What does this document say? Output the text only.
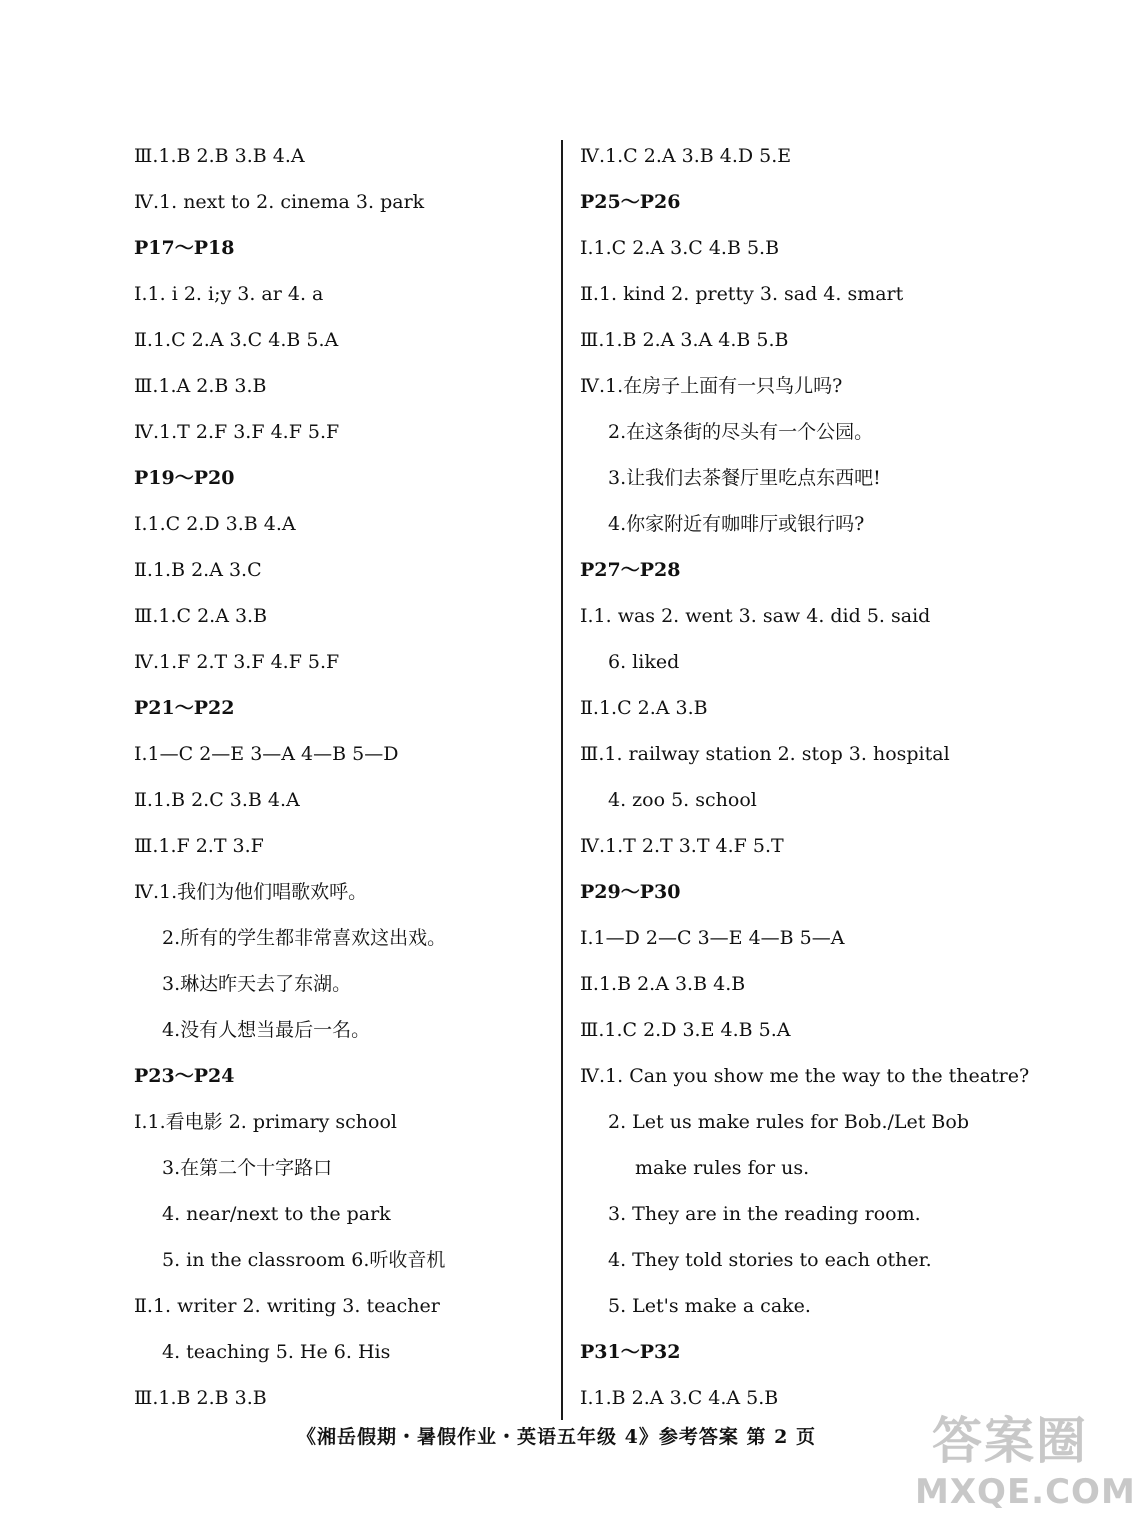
Ⅲ.1.B 2.B 3.B 4.A
Ⅳ.1. next to 2. cinema 3. park
P17～P18
Ⅰ.1. i 2. i;y 3. ar 4. a
Ⅱ.1.C 2.A 3.C 4.B 5.A
Ⅲ.1.A 2.B 3.B
Ⅳ.1.T 2.F 3.F 4.F 5.F
P19～P20
Ⅰ.1.C 2.D 3.B 4.A
Ⅱ.1.B 2.A 3.C
Ⅲ.1.C 2.A 3.B
Ⅳ.1.F 2.T 3.F 4.F 5.F
P21～P22
Ⅰ.1—C 2—E 3—A 4—B 5—D
Ⅱ.1.B 2.C 3.B 4.A
Ⅲ.1.F 2.T 3.F
Ⅳ.1.我们为他们唱歌欢呼。
2.所有的学生都非常喜欢这出戏。
3.琳达昨天去了东湖。
4.没有人想当最后一名。
P23～P24
Ⅰ.1.看电影 2. primary school
3.在第二个十字路口
4. near/next to the park
5. in the classroom 6.听收音机
Ⅱ.1. writer 2. writing 3. teacher
4. teaching 5. He 6. His
Ⅲ.1.B 2.B 3.B
Ⅳ.1.C 2.A 3.B 4.D 5.E
P25～P26
Ⅰ.1.C 2.A 3.C 4.B 5.B
Ⅱ.1. kind 2. pretty 3. sad 4. smart
Ⅲ.1.B 2.A 3.A 4.B 5.B
Ⅳ.1.在房子上面有一只鸟儿吗?
2.在这条街的尽头有一个公园。
3.让我们去茶餐厅里吃点东西吧!
4.你家附近有咖啡厅或银行吗?
P27～P28
Ⅰ.1. was 2. went 3. saw 4. did 5. said
6. liked
Ⅱ.1.C 2.A 3.B
Ⅲ.1. railway station 2. stop 3. hospital
4. zoo 5. school
Ⅳ.1.T 2.T 3.T 4.F 5.T
P29～P30
Ⅰ.1—D 2—C 3—E 4—B 5—A
Ⅱ.1.B 2.A 3.B 4.B
Ⅲ.1.C 2.D 3.E 4.B 5.A
Ⅳ.1. Can you show me the way to the theatre?
2. Let us make rules for Bob./Let Bob
make rules for us.
3. They are in the reading room.
4. They told stories to each other.
5. Let's make a cake.
P31～P32
Ⅰ.1.B 2.A 3.C 4.A 5.B
《湘岳假期・暑假作业・英语五年级 4》参考答案 第 2 页	答案圈
MXQE.COM
